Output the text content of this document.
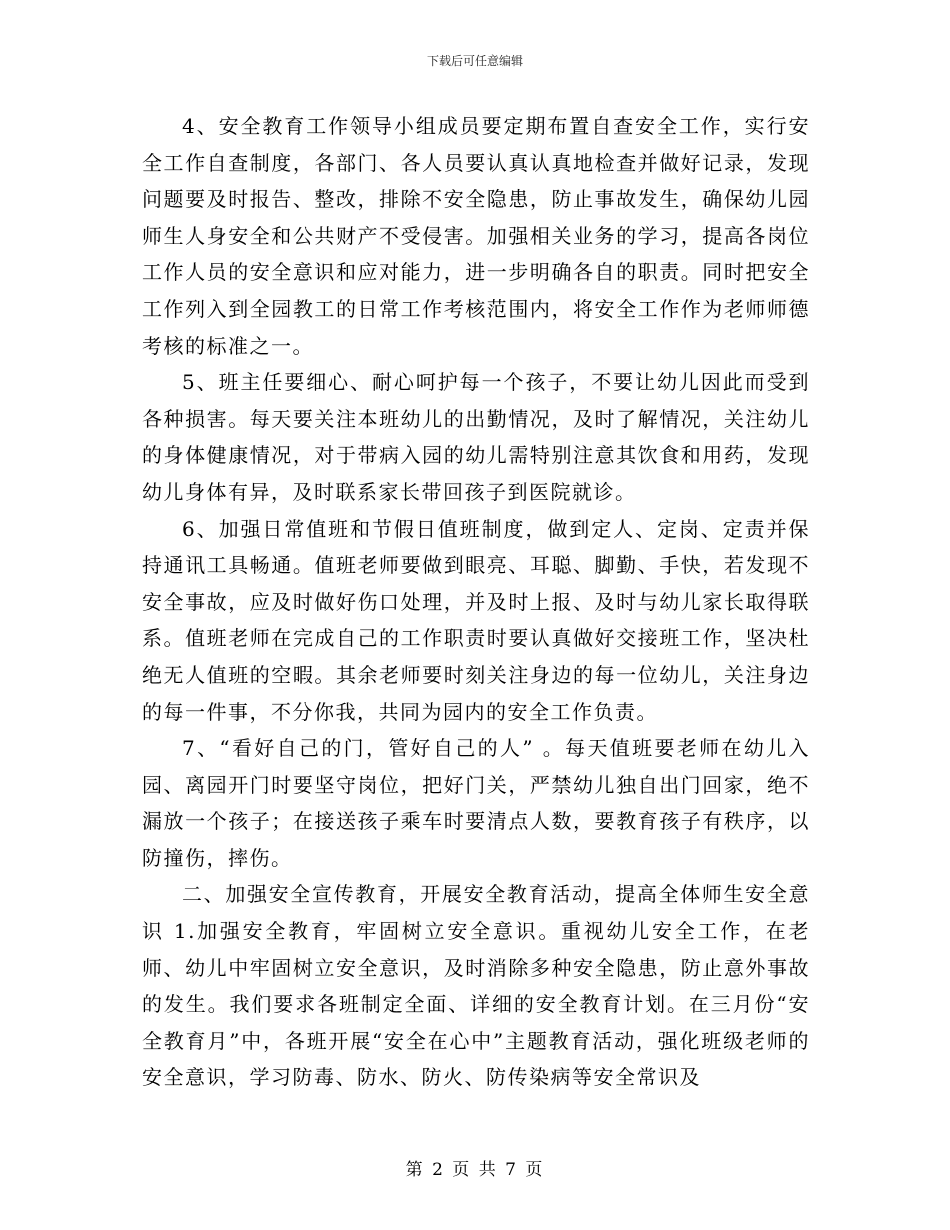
下载后可任意编辑

4、安全教育工作领导小组成员要定期布置自查安全工作，实行安全工作自查制度，各部门、各人员要认真认真地检查并做好记录，发现问题要及时报告、整改，排除不安全隐患，防止事故发生，确保幼儿园师生人身安全和公共财产不受侵害。加强相关业务的学习，提高各岗位工作人员的安全意识和应对能力，进一步明确各自的职责。同时把安全工作列入到全园教工的日常工作考核范围内，将安全工作作为老师师德考核的标准之一。

5、班主任要细心、耐心呵护每一个孩子，不要让幼儿因此而受到各种损害。每天要关注本班幼儿的出勤情况，及时了解情况，关注幼儿的身体健康情况，对于带病入园的幼儿需特别注意其饮食和用药，发现幼儿身体有异，及时联系家长带回孩子到医院就诊。

6、加强日常值班和节假日值班制度，做到定人、定岗、定责并保持通讯工具畅通。值班老师要做到眼亮、耳聪、脚勤、手快，若发现不安全事故，应及时做好伤口处理，并及时上报、及时与幼儿家长取得联系。值班老师在完成自己的工作职责时要认真做好交接班工作，坚决杜绝无人值班的空暇。其余老师要时刻关注身边的每一位幼儿，关注身边的每一件事，不分你我，共同为园内的安全工作负责。

7、“看好自己的门，管好自己的人” 。每天值班要老师在幼儿入园、离园开门时要坚守岗位，把好门关，严禁幼儿独自出门回家，绝不漏放一个孩子；在接送孩子乘车时要清点人数，要教育孩子有秩序，以防撞伤，摔伤。

二、加强安全宣传教育，开展安全教育活动，提高全体师生安全意识 1.加强安全教育，牢固树立安全意识。重视幼儿安全工作，在老师、幼儿中牢固树立安全意识，及时消除多种安全隐患，防止意外事故的发生。我们要求各班制定全面、详细的安全教育计划。在三月份“安全教育月”中，各班开展“安全在心中”主题教育活动，强化班级老师的安全意识，学习防毒、防水、防火、防传染病等安全常识及

第 2 页 共 7 页
